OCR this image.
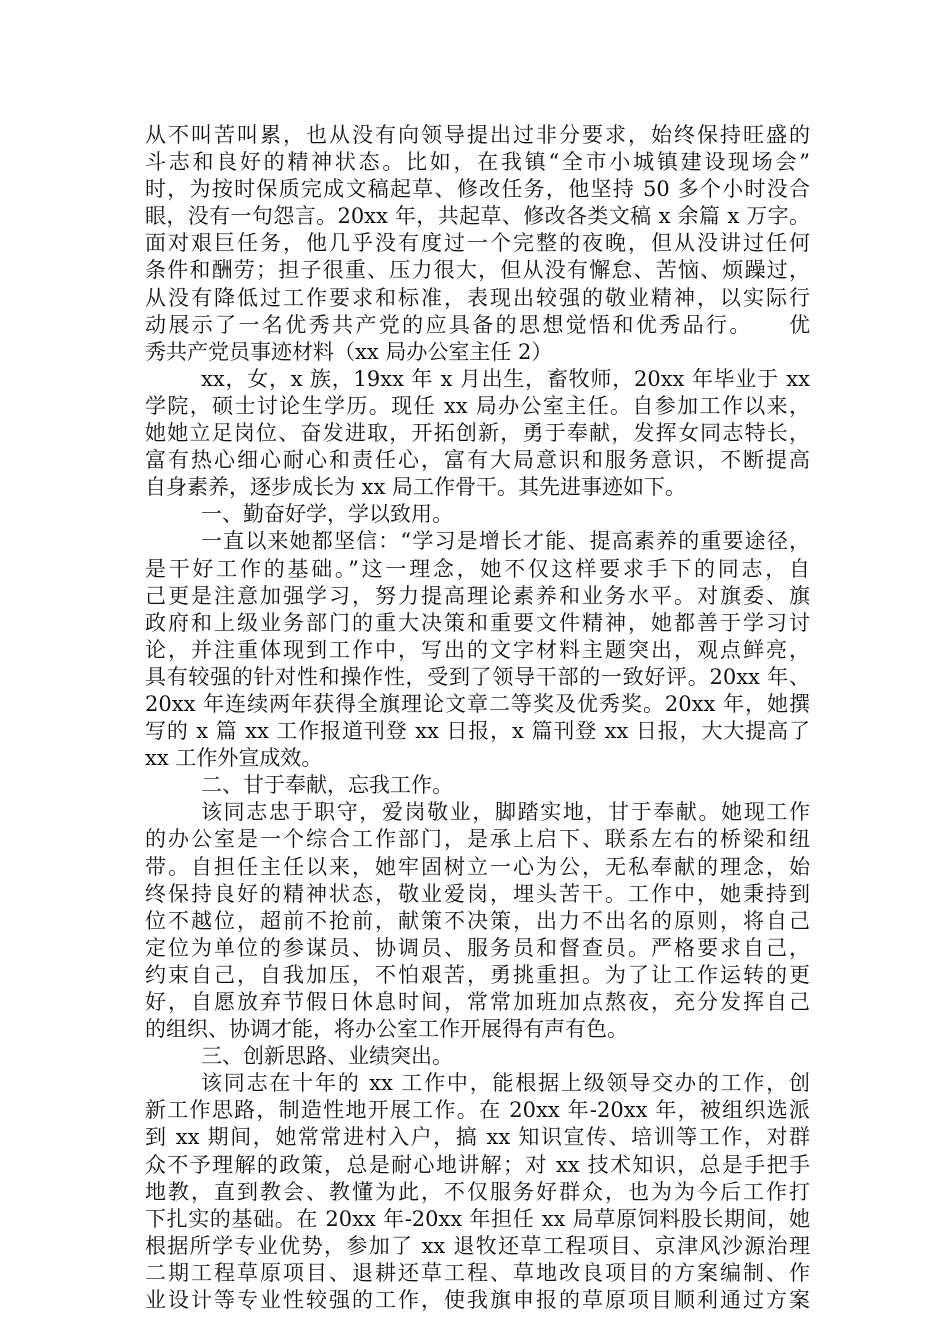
从不叫苦叫累，也从没有向领导提出过非分要求，始终保持旺盛的
斗志和良好的精神状态。比如，在我镇“全市小城镇建设现场会”
时，为按时保质完成文稿起草、修改任务，他坚持 50 多个小时没合
眼，没有一句怨言。20xx 年，共起草、修改各类文稿 x 余篇 x 万字。
面对艰巨任务，他几乎没有度过一个完整的夜晚，但从没讲过任何
条件和酬劳；担子很重、压力很大，但从没有懈怠、苦恼、烦躁过，
从没有降低过工作要求和标准，表现出较强的敬业精神，以实际行
动展示了一名优秀共产党的应具备的思想觉悟和优秀品行。　　优
秀共产党员事迹材料（xx 局办公室主任 2）
xx，女，x 族，19xx 年 x 月出生，畜牧师，20xx 年毕业于 xx
学院，硕士讨论生学历。现任 xx 局办公室主任。自参加工作以来，
她她立足岗位、奋发进取，开拓创新，勇于奉献，发挥女同志特长，
富有热心细心耐心和责任心，富有大局意识和服务意识，不断提高
自身素养，逐步成长为 xx 局工作骨干。其先进事迹如下。
一、勤奋好学，学以致用。
一直以来她都坚信：“学习是增长才能、提高素养的重要途径，
是干好工作的基础。”这一理念，她不仅这样要求手下的同志，自
己更是注意加强学习，努力提高理论素养和业务水平。对旗委、旗
政府和上级业务部门的重大决策和重要文件精神，她都善于学习讨
论，并注重体现到工作中，写出的文字材料主题突出，观点鲜亮，
具有较强的针对性和操作性，受到了领导干部的一致好评。20xx 年、
20xx 年连续两年获得全旗理论文章二等奖及优秀奖。20xx 年，她撰
写的 x 篇 xx 工作报道刊登 xx 日报，x 篇刊登 xx 日报，大大提高了
xx 工作外宣成效。
二、甘于奉献，忘我工作。
该同志忠于职守，爱岗敬业，脚踏实地，甘于奉献。她现工作
的办公室是一个综合工作部门，是承上启下、联系左右的桥梁和纽
带。自担任主任以来，她牢固树立一心为公，无私奉献的理念，始
终保持良好的精神状态，敬业爱岗，埋头苦干。工作中，她秉持到
位不越位，超前不抢前，献策不决策，出力不出名的原则，将自己
定位为单位的参谋员、协调员、服务员和督查员。严格要求自己，
约束自己，自我加压，不怕艰苦，勇挑重担。为了让工作运转的更
好，自愿放弃节假日休息时间，常常加班加点熬夜，充分发挥自己
的组织、协调才能，将办公室工作开展得有声有色。
三、创新思路、业绩突出。
该同志在十年的 xx 工作中，能根据上级领导交办的工作，创
新工作思路，制造性地开展工作。在 20xx 年-20xx 年，被组织选派
到 xx 期间，她常常进村入户，搞 xx 知识宣传、培训等工作，对群
众不予理解的政策，总是耐心地讲解；对 xx 技术知识，总是手把手
地教，直到教会、教懂为此，不仅服务好群众，也为为今后工作打
下扎实的基础。在 20xx 年-20xx 年担任 xx 局草原饲料股长期间，她
根据所学专业优势，参加了 xx 退牧还草工程项目、京津风沙源治理
二期工程草原项目、退耕还草工程、草地改良项目的方案编制、作
业设计等专业性较强的工作，使我旗申报的草原项目顺利通过方案
